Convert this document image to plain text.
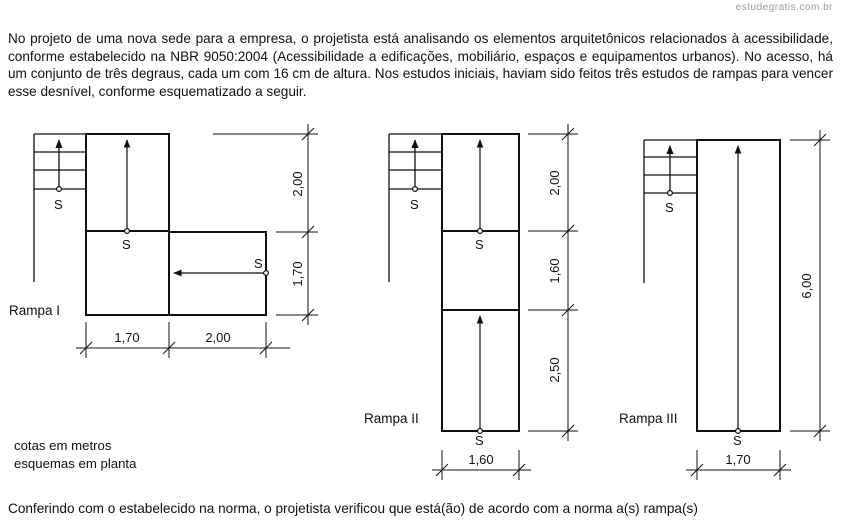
estudegratis.com.br

No projeto de uma nova sede para a empresa, o projetista está analisando os elementos arquitetônicos relacionados à acessibilidade, conforme estabelecido na NBR 9050:2004 (Acessibilidade a edificações, mobiliário, espaços e equipamentos urbanos). No acesso, há um conjunto de três degraus, cada um com 16 cm de altura. Nos estudos iniciais, haviam sido feitos três estudos de rampas para vencer esse desnível, conforme esquematizado a seguir.

S
S
S
2,00
1,70
1,70	2,00
Rampa I
S
S
S
2,00
1,60
2,50
1,60
Rampa II
S
S
6,00
1,70
Rampa III
cotas em metros
esquemas em planta
Conferindo com o estabelecido na norma, o projetista verificou que está(ão) de acordo com a norma a(s) rampa(s)
